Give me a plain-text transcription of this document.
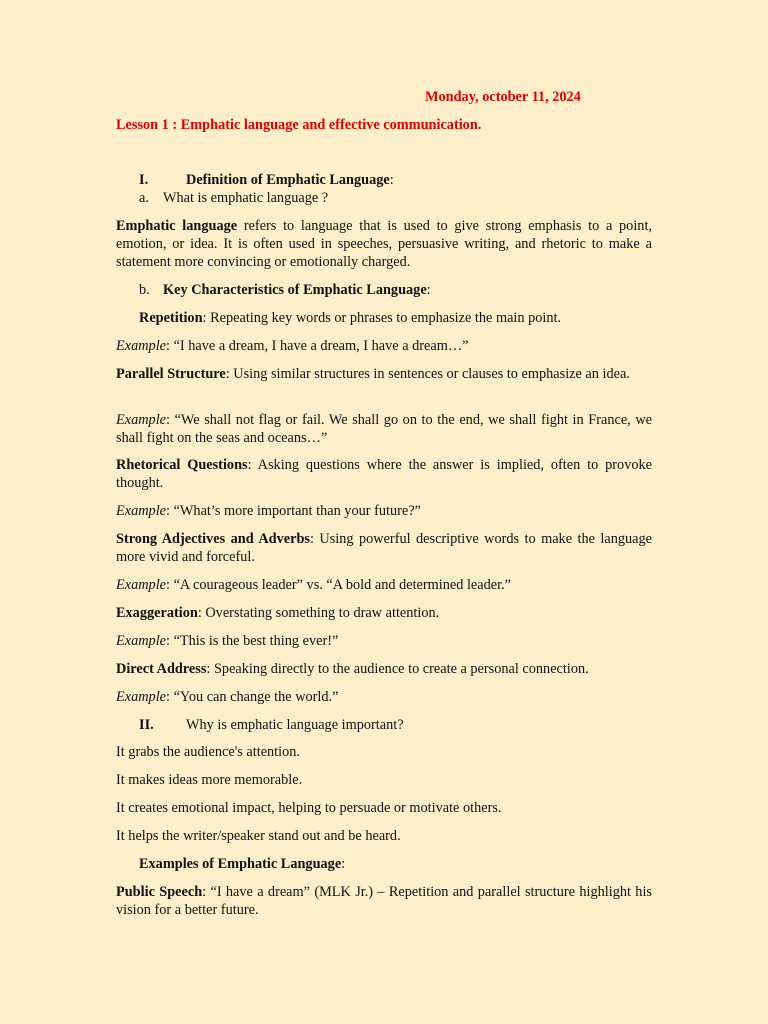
Monday, october 11, 2024
Lesson 1 : Emphatic language and effective communication.
I.	Definition of Emphatic Language:
a. What is emphatic language ?
Emphatic language refers to language that is used to give strong emphasis to a point, emotion, or idea. It is often used in speeches, persuasive writing, and rhetoric to make a statement more convincing or emotionally charged.
b. Key Characteristics of Emphatic Language:
Repetition: Repeating key words or phrases to emphasize the main point.
Example: “I have a dream, I have a dream, I have a dream…”
Parallel Structure: Using similar structures in sentences or clauses to emphasize an idea.
Example: “We shall not flag or fail. We shall go on to the end, we shall fight in France, we shall fight on the seas and oceans…”
Rhetorical Questions: Asking questions where the answer is implied, often to provoke thought.
Example: “What’s more important than your future?”
Strong Adjectives and Adverbs: Using powerful descriptive words to make the language more vivid and forceful.
Example: “A courageous leader” vs. “A bold and determined leader.”
Exaggeration: Overstating something to draw attention.
Example: “This is the best thing ever!”
Direct Address: Speaking directly to the audience to create a personal connection.
Example: “You can change the world.”
II. Why is emphatic language important?
It grabs the audience's attention.
It makes ideas more memorable.
It creates emotional impact, helping to persuade or motivate others.
It helps the writer/speaker stand out and be heard.
Examples of Emphatic Language:
Public Speech: “I have a dream” (MLK Jr.) – Repetition and parallel structure highlight his vision for a better future.
